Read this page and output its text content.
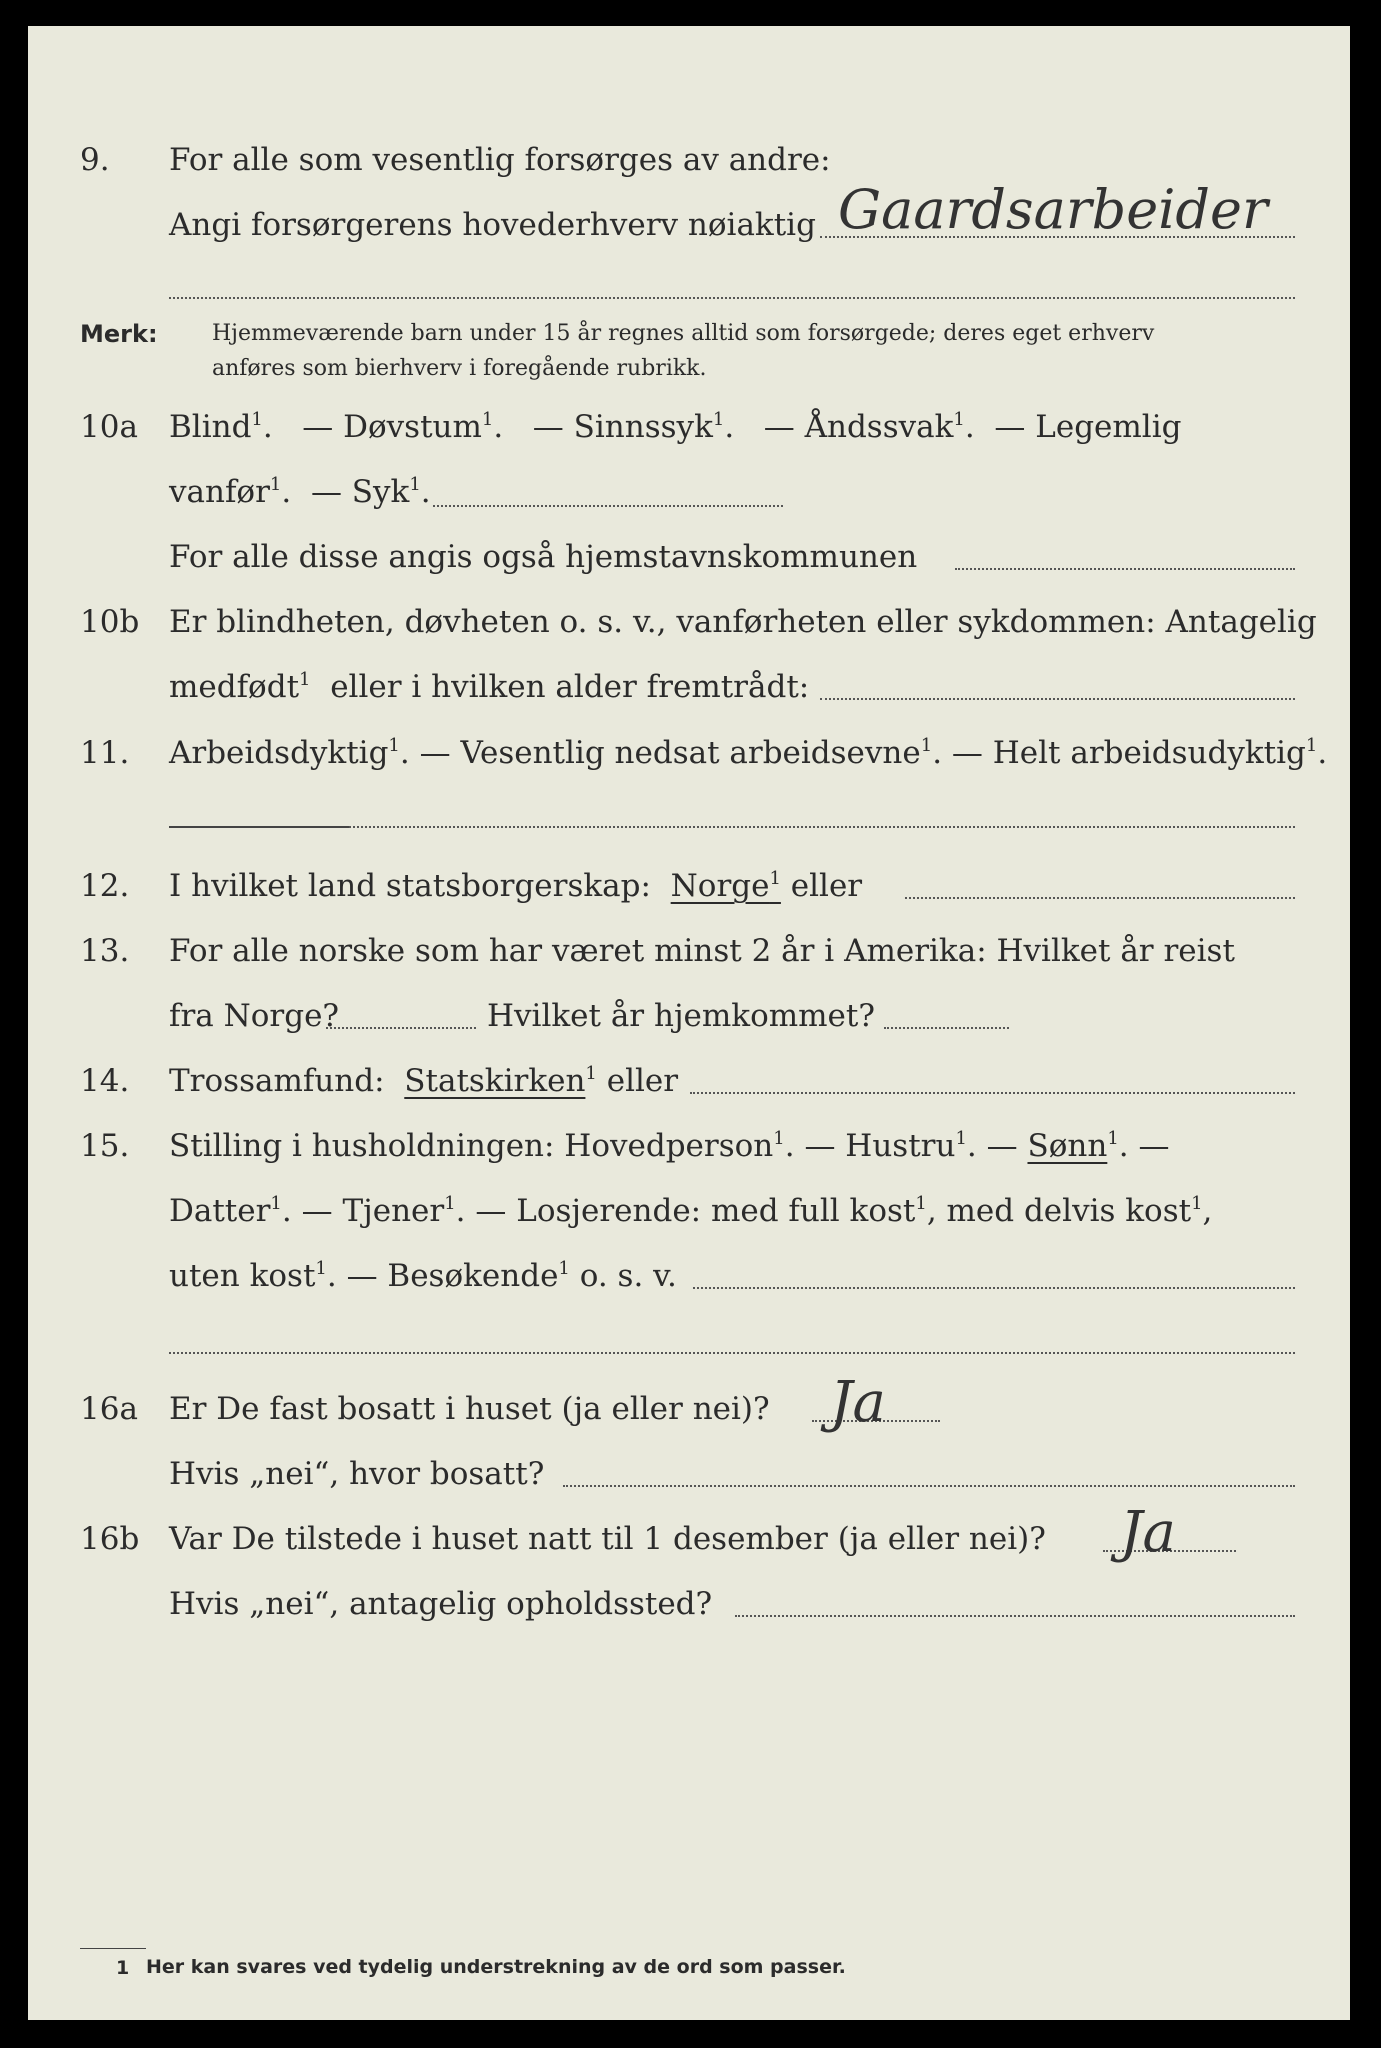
9. For alle som vesentlig forsørges av andre:
Angi forsørgerens hovederhverv nøiaktig Gaardsarbeider
Merk: Hjemmeværende barn under 15 år regnes alltid som forsørgede; deres eget erhverv
anføres som bierhverv i foregående rubrikk.
10a Blind$^1$.   — Døvstum$^1$.   — Sinnssyk$^1$.   — Åndssvak$^1$.  — Legemlig
vanfør$^1$.  — Syk$^1$.
For alle disse angis også hjemstavnskommunen
10b Er blindheten, døvheten o. s. v., vanførheten eller sykdommen: Antagelig
medfødt$^1$ eller i hvilken alder fremtrådt:
11. Arbeidsdyktig$^1$. — Vesentlig nedsat arbeidsevne$^1$. — Helt arbeidsudyktig$^1$.
12. I hvilket land statsborgerskap: Norge$^1$ eller
13. For alle norske som har været minst 2 år i Amerika: Hvilket år reist
fra Norge?	Hvilket år hjemkommet?
14. Trossamfund: Statskirken$^1$ eller
15. Stilling i husholdningen: Hovedperson$^1$. — Hustru$^1$. — Sønn$^1$. —
Datter$^1$. — Tjener$^1$. — Losjerende: med full kost$^1$, med delvis kost$^1$,
uten kost$^1$. — Besøkende$^1$ o. s. v.
16a Er De fast bosatt i huset (ja eller nei)? Ja
Hvis „nei“, hvor bosatt?
16b Var De tilstede i huset natt til 1 desember (ja eller nei)? Ja
Hvis „nei“, antagelig opholdssted?
1 Her kan svares ved tydelig understrekning av de ord som passer.
